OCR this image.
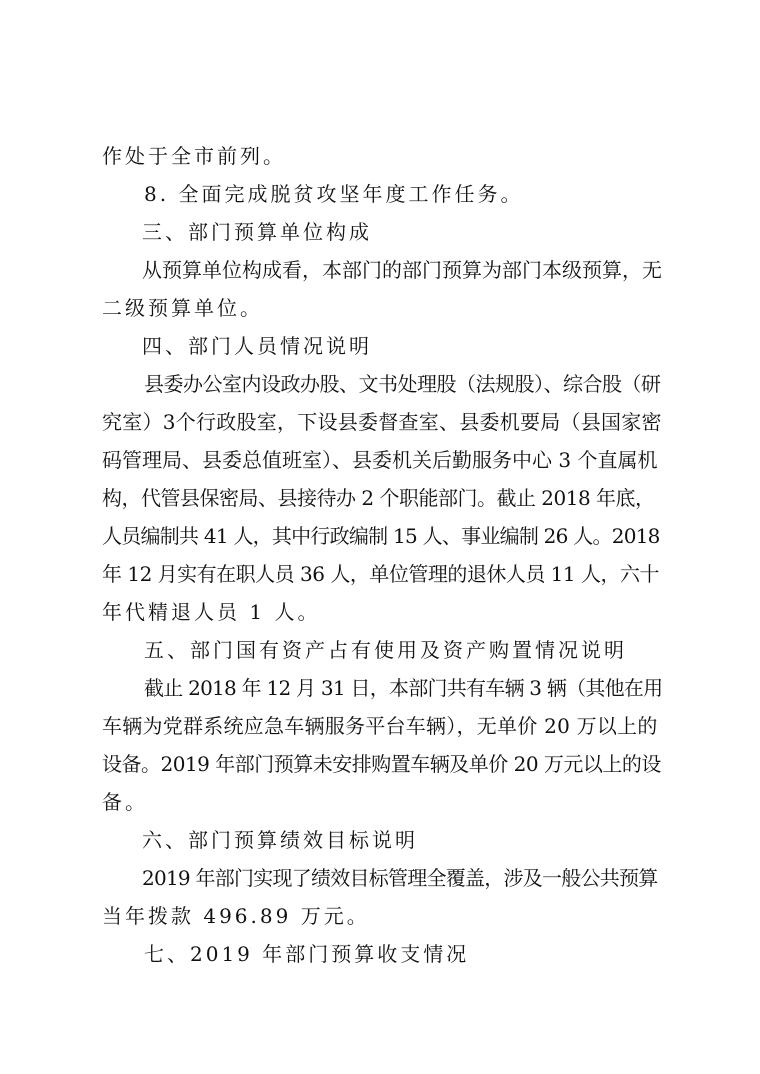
作处于全市前列。
8. 全面完成脱贫攻坚年度工作任务。
三、部门预算单位构成
从预算单位构成看，本部门的部门预算为部门本级预算，无
二级预算单位。
四、部门人员情况说明
县委办公室内设政办股、文书处理股（法规股）、综合股（研
究室）3个行政股室，下设县委督查室、县委机要局（县国家密
码管理局、县委总值班室）、县委机关后勤服务中心 3 个直属机
构，代管县保密局、县接待办 2 个职能部门。截止 2018 年底，
人员编制共 41 人，其中行政编制 15 人、事业编制 26 人。2018
年 12 月实有在职人员 36 人，单位管理的退休人员 11 人，六十
年代精退人员 1 人。
五、部门国有资产占有使用及资产购置情况说明
截止 2018 年 12 月 31 日，本部门共有车辆 3 辆（其他在用
车辆为党群系统应急车辆服务平台车辆），无单价 20 万以上的
设备。2019 年部门预算未安排购置车辆及单价 20 万元以上的设
备。
六、部门预算绩效目标说明
2019 年部门实现了绩效目标管理全覆盖，涉及一般公共预算
当年拨款 496.89 万元。
七、2019 年部门预算收支情况
